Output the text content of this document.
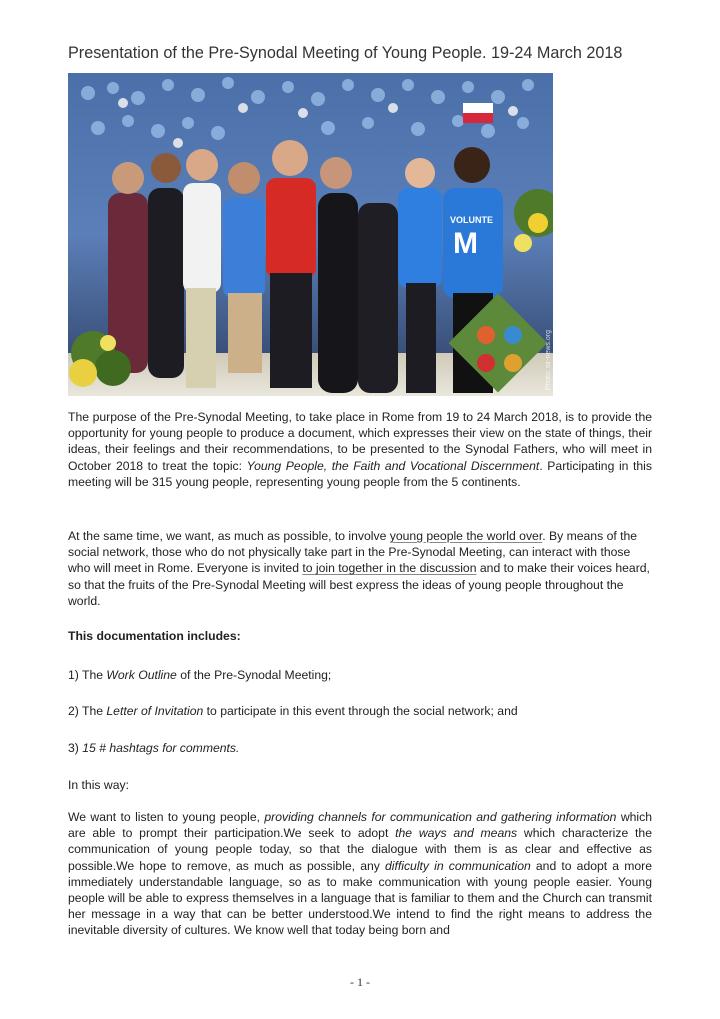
Presentation of the Pre-Synodal Meeting of Young People. 19-24 March 2018
VOLUNTE
M
Photo: sir-news.org

The purpose of the Pre-Synodal Meeting, to take place in Rome from 19 to 24 March 2018, is to provide the opportunity for young people to produce a document, which expresses their view on the state of things, their ideas, their feelings and their recommendations, to be presented to the Synodal Fathers, who will meet in October 2018 to treat the topic: Young People, the Faith and Vocational Discernment. Participating in this meeting will be 315 young people, representing young people from the 5 continents.

At the same time, we want, as much as possible, to involve young people the world over. By means of the social network, those who do not physically take part in the Pre-Synodal Meeting, can interact with those who will meet in Rome. Everyone is invited to join together in the discussion and to make their voices heard, so that the fruits of the Pre-Synodal Meeting will best express the ideas of young people throughout the world.

This documentation includes:

1) The Work Outline of the Pre-Synodal Meeting;

2) The Letter of Invitation to participate in this event through the social network; and

3) 15 # hashtags for comments.

In this way:

We want to listen to young people, providing channels for communication and gathering information which are able to prompt their participation.We seek to adopt the ways and means which characterize the communication of young people today, so that the dialogue with them is as clear and effective as possible.We hope to remove, as much as possible, any difficulty in communication and to adopt a more immediately understandable language, so as to make communication with young people easier. Young people will be able to express themselves in a language that is familiar to them and the Church can transmit her message in a way that can be better understood.We intend to find the right means to address the inevitable diversity of cultures. We know well that today being born and

- 1 -
